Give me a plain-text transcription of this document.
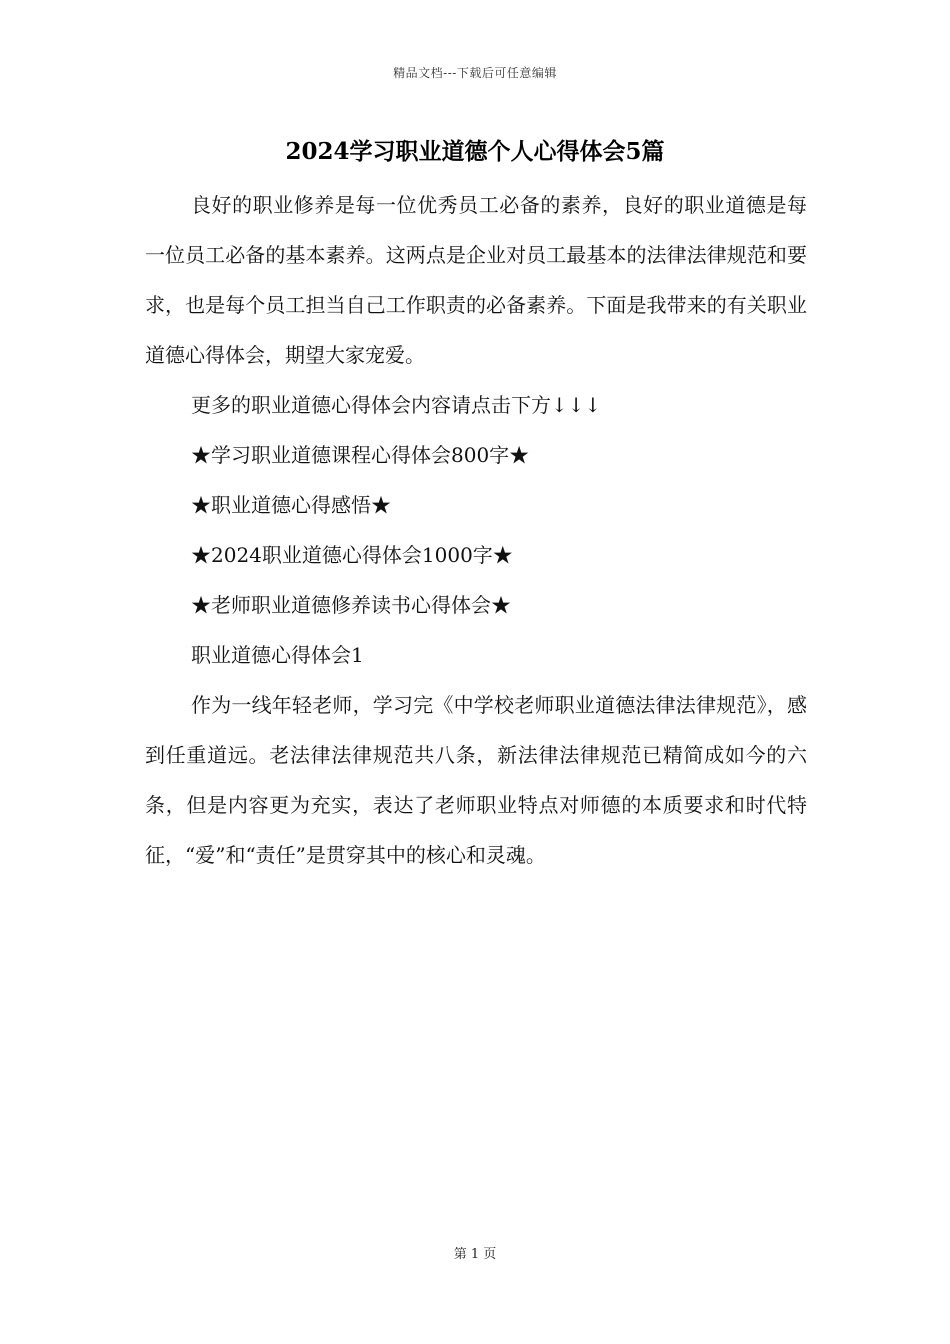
精品文档---下载后可任意编辑
2024学习职业道德个人心得体会5篇

良好的职业修养是每一位优秀员工必备的素养，良好的职业道德是每一位员工必备的基本素养。这两点是企业对员工最基本的法律法律规范和要求，也是每个员工担当自己工作职责的必备素养。下面是我带来的有关职业道德心得体会，期望大家宠爱。

更多的职业道德心得体会内容请点击下方↓↓↓

★学习职业道德课程心得体会800字★

★职业道德心得感悟★

★2024职业道德心得体会1000字★

★老师职业道德修养读书心得体会★

职业道德心得体会1

作为一线年轻老师，学习完《中学校老师职业道德法律法律规范》，感到任重道远。老法律法律规范共八条，新法律法律规范已精简成如今的六条，但是内容更为充实，表达了老师职业特点对师德的本质要求和时代特征，“爱”和“责任”是贯穿其中的核心和灵魂。

第 1 页
